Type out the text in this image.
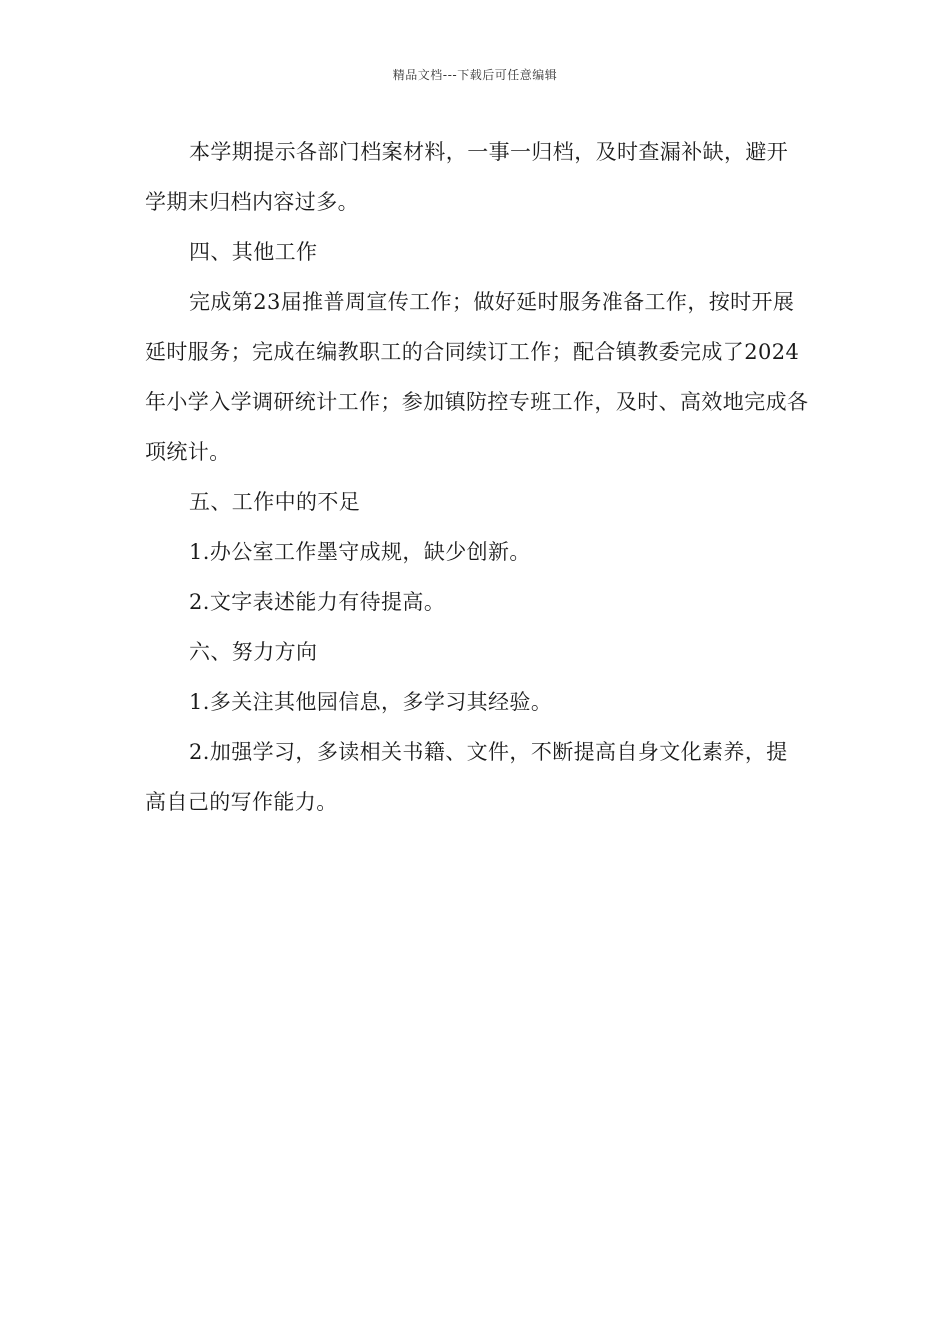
精品文档---下载后可任意编辑

本学期提示各部门档案材料，一事一归档，及时查漏补缺，避开学期末归档内容过多。

四、其他工作

完成第23届推普周宣传工作；做好延时服务准备工作，按时开展延时服务；完成在编教职工的合同续订工作；配合镇教委完成了2024年小学入学调研统计工作；参加镇防控专班工作，及时、高效地完成各项统计。

五、工作中的不足

1.办公室工作墨守成规，缺少创新。

2.文字表述能力有待提高。

六、努力方向

1.多关注其他园信息，多学习其经验。

2.加强学习，多读相关书籍、文件，不断提高自身文化素养，提高自己的写作能力。
